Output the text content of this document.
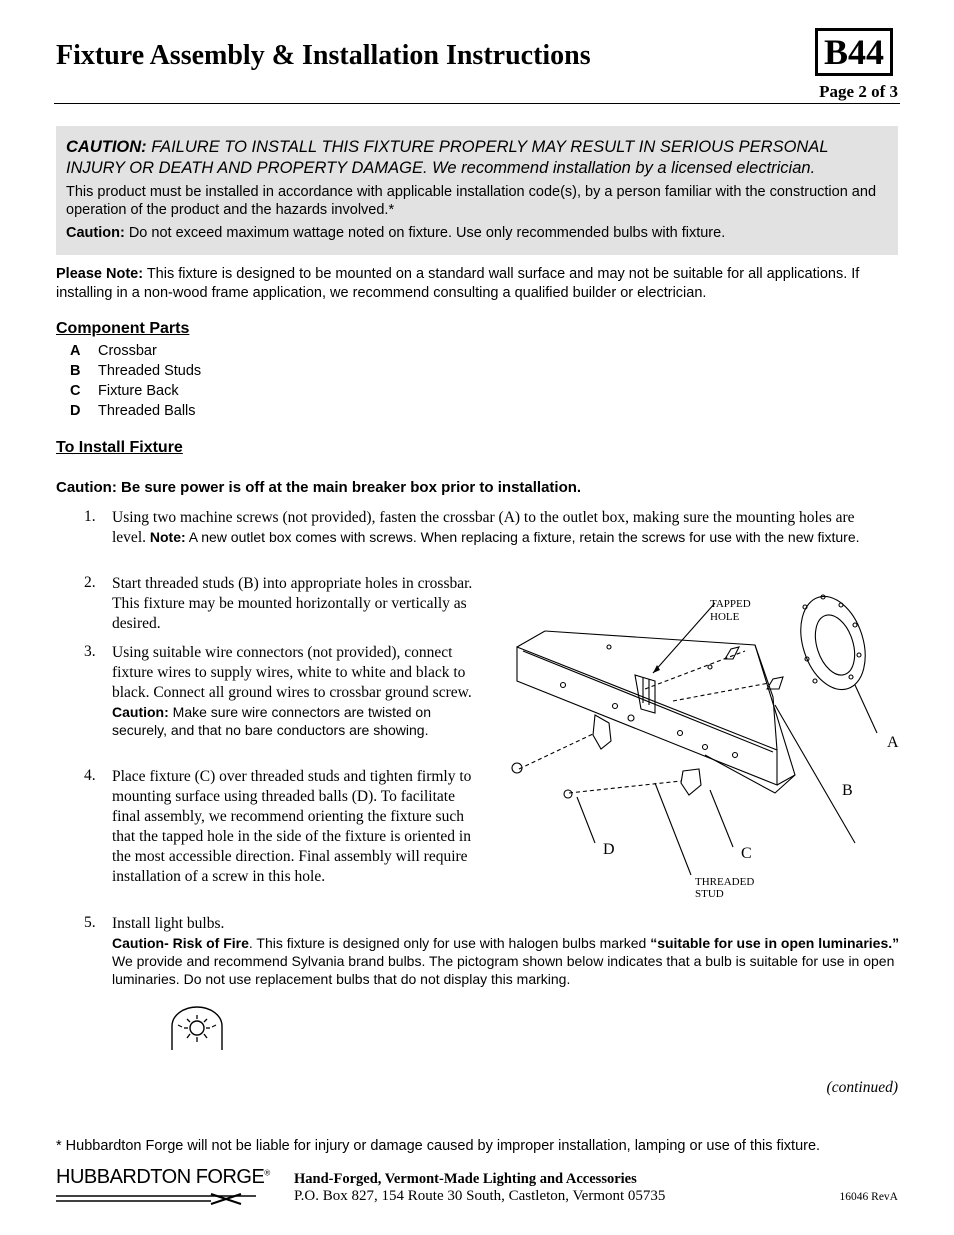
Fixture Assembly & Installation Instructions	B44
Page 2 of 3
CAUTION: FAILURE TO INSTALL THIS FIXTURE PROPERLY MAY RESULT IN SERIOUS PERSONAL INJURY OR DEATH AND PROPERTY DAMAGE. We recommend installation by a licensed electrician.
This product must be installed in accordance with applicable installation code(s), by a person familiar with the construction and operation of the product and the hazards involved.*
Caution: Do not exceed maximum wattage noted on fixture. Use only recommended bulbs with fixture.
Please Note: This fixture is designed to be mounted on a standard wall surface and may not be suitable for all applications. If installing in a non-wood frame application, we recommend consulting a qualified builder or electrician.
Component Parts
A Crossbar
B Threaded Studs
C Fixture Back
D Threaded Balls
To Install Fixture
Caution: Be sure power is off at the main breaker box prior to installation.
1. Using two machine screws (not provided), fasten the crossbar (A) to the outlet box, making sure the mounting holes are level. Note: A new outlet box comes with screws. When replacing a fixture, retain the screws for use with the new fixture.
2. Start threaded studs (B) into appropriate holes in crossbar. This fixture may be mounted horizontally or vertically as desired.
3. Using suitable wire connectors (not provided), connect fixture wires to supply wires, white to white and black to black. Connect all ground wires to crossbar ground screw.
Caution: Make sure wire connectors are twisted on securely, and that no bare conductors are showing.
4. Place fixture (C) over threaded studs and tighten firmly to mounting surface using threaded balls (D). To facilitate final assembly, we recommend orienting the fixture such that the tapped hole in the side of the fixture is oriented in the most accessible direction. Final assembly will require installation of a screw in this hole.
5. Install light bulbs.
Caution- Risk of Fire. This fixture is designed only for use with halogen bulbs marked “suitable for use in open luminaries.” We provide and recommend Sylvania brand bulbs. The pictogram shown below indicates that a bulb is suitable for use in open luminaries. Do not use replacement bulbs that do not display this marking.
TAPPED
HOLE
A
B
C
D
THREADED
STUD
(continued)
* Hubbardton Forge will not be liable for injury or damage caused by improper installation, lamping or use of this fixture.
HUBBARDTON FORGE® Hand-Forged, Vermont-Made Lighting and Accessories
P.O. Box 827, 154 Route 30 South, Castleton, Vermont 05735	16046 RevA
